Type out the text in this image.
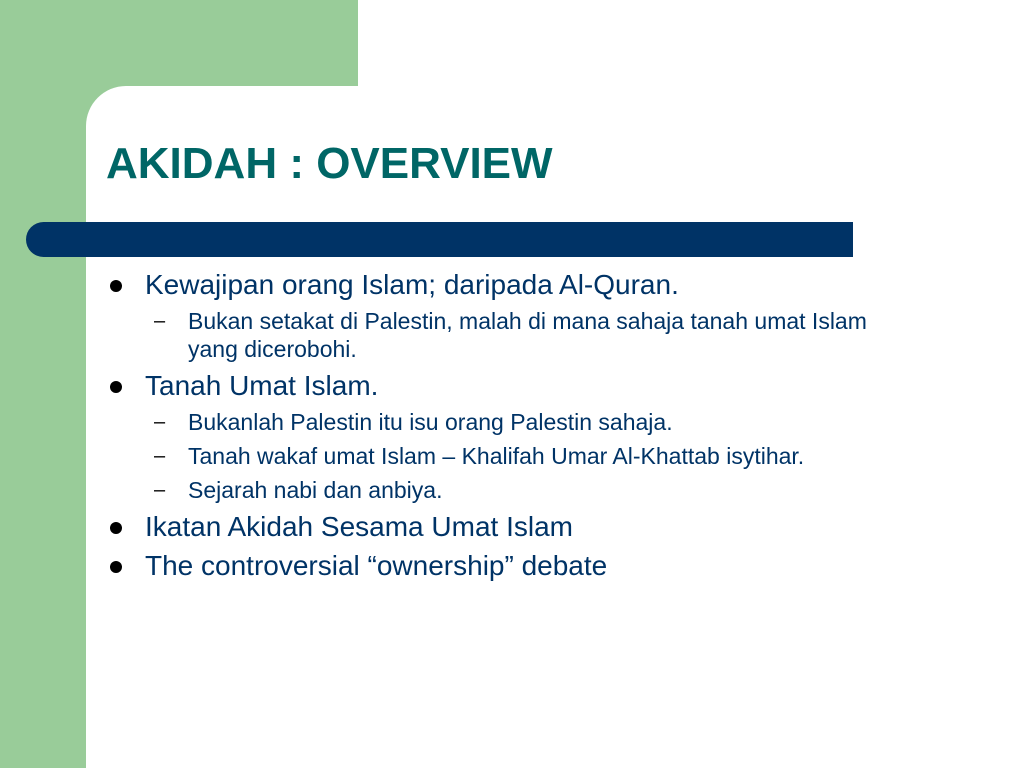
AKIDAH : OVERVIEW
Kewajipan orang Islam; daripada Al-Quran.
– Bukan setakat di Palestin, malah di mana sahaja tanah umat Islam yang dicerobohi.
Tanah Umat Islam.
– Bukanlah Palestin itu isu orang Palestin sahaja.
– Tanah wakaf umat Islam – Khalifah Umar Al-Khattab isytihar.
– Sejarah nabi dan anbiya.
Ikatan Akidah Sesama Umat Islam
The controversial “ownership” debate
